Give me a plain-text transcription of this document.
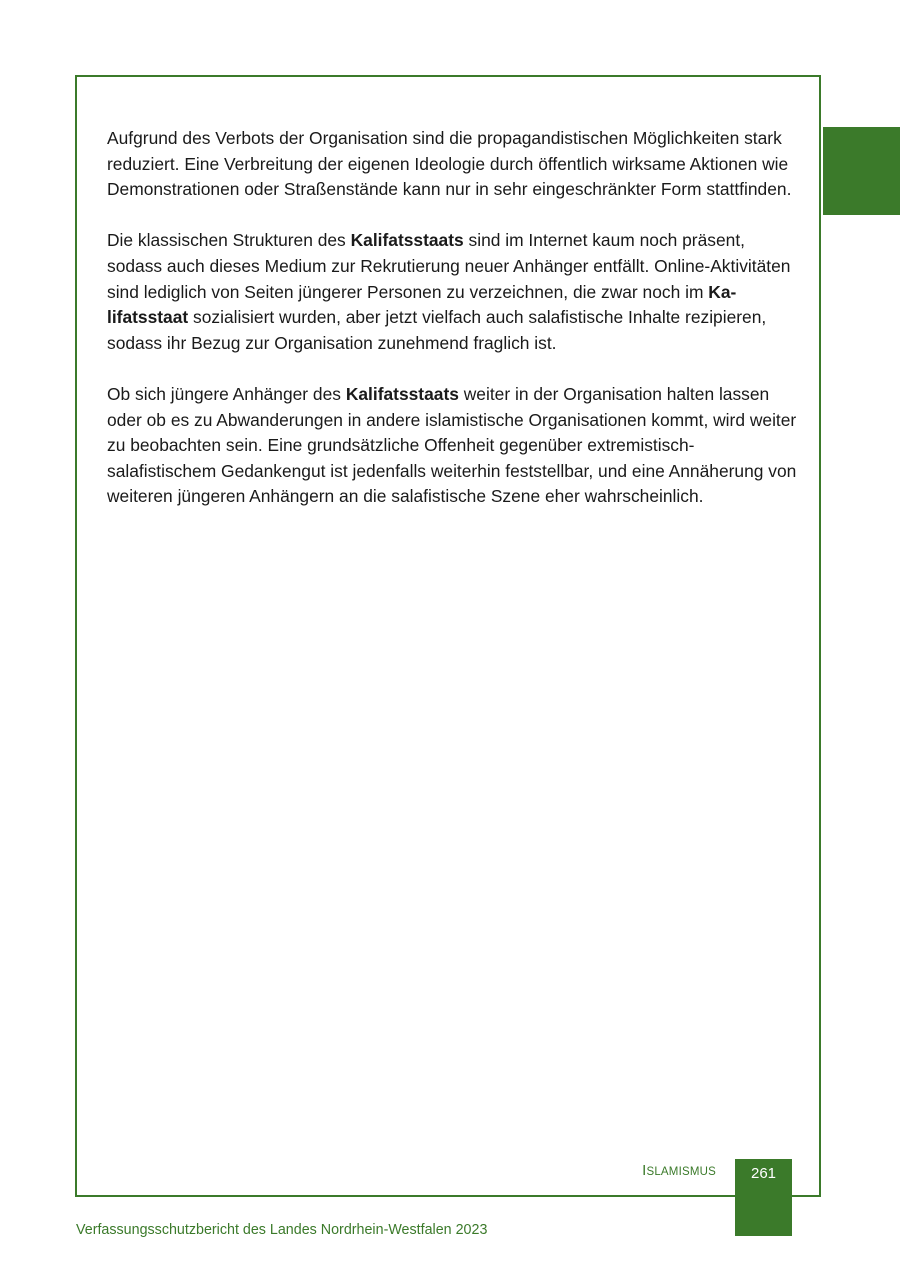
Aufgrund des Verbots der Organisation sind die propagandistischen Möglichkeiten stark reduziert. Eine Verbreitung der eigenen Ideologie durch öffentlich wirksame Aktionen wie Demonstrationen oder Straßenstände kann nur in sehr eingeschränkter Form stattfinden.

Die klassischen Strukturen des Kalifatsstaats sind im Internet kaum noch präsent, sodass auch dieses Medium zur Rekrutierung neuer Anhänger entfällt. Online-Aktivitäten sind lediglich von Seiten jüngerer Personen zu verzeichnen, die zwar noch im Kalifatsstaat sozialisiert wurden, aber jetzt vielfach auch salafistische Inhalte rezipieren, sodass ihr Bezug zur Organisation zunehmend fraglich ist.

Ob sich jüngere Anhänger des Kalifatsstaats weiter in der Organisation halten lassen oder ob es zu Abwanderungen in andere islamistische Organisationen kommt, wird weiter zu beobachten sein. Eine grundsätzliche Offenheit gegenüber extremistisch-salafistischem Gedankengut ist jedenfalls weiterhin feststellbar, und eine Annäherung von weiteren jüngeren Anhängern an die salafistische Szene eher wahrscheinlich.

ISLAMISMUS	261
Verfassungsschutzbericht des Landes Nordrhein-Westfalen 2023
